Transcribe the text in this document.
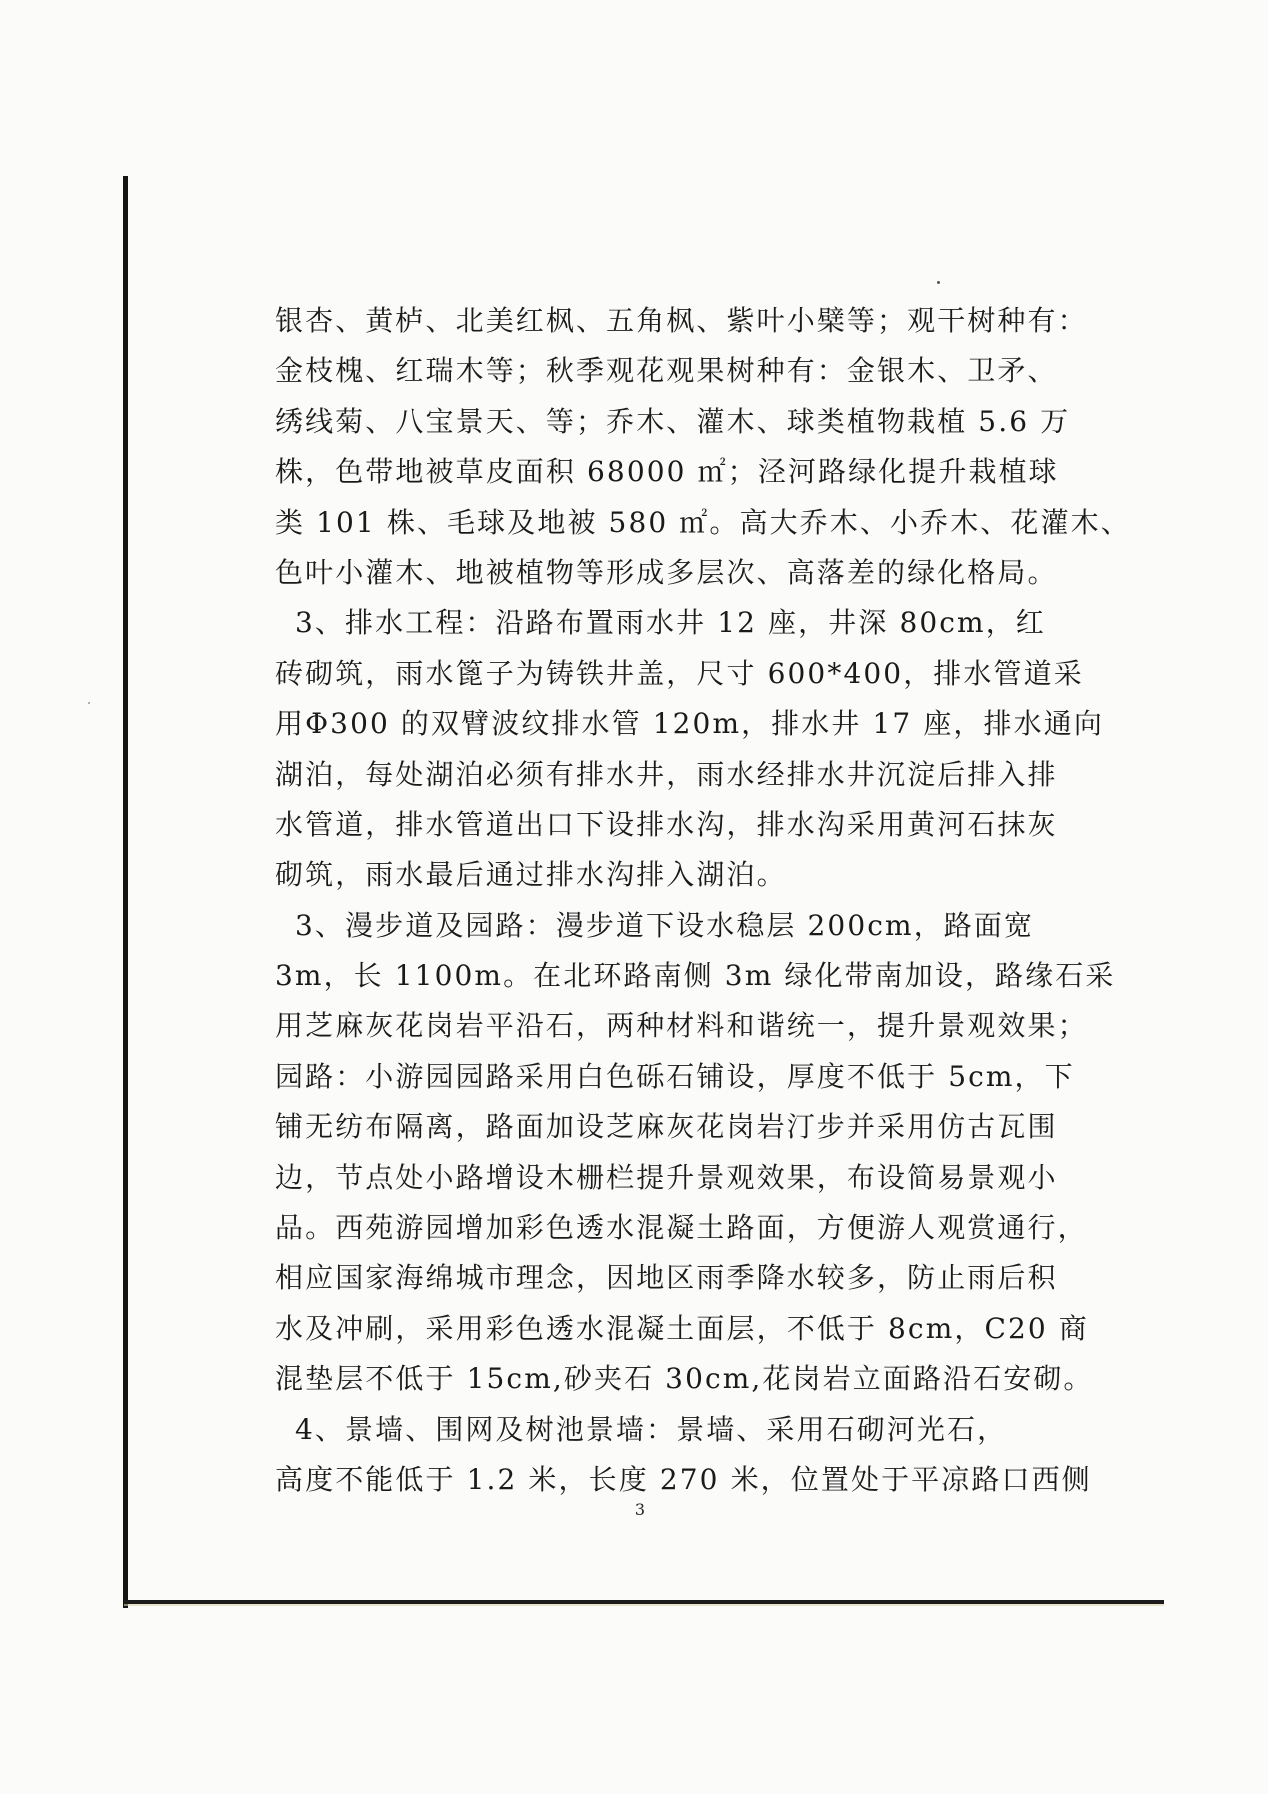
银杏、黄栌、北美红枫、五角枫、紫叶小檗等；观干树种有：
金枝槐、红瑞木等；秋季观花观果树种有：金银木、卫矛、
绣线菊、八宝景天、等；乔木、灌木、球类植物栽植 5.6 万
株，色带地被草皮面积 68000 ㎡；泾河路绿化提升栽植球
类 101 株、毛球及地被 580 ㎡。高大乔木、小乔木、花灌木、
色叶小灌木、地被植物等形成多层次、高落差的绿化格局。
3、排水工程：沿路布置雨水井 12 座，井深 80cm，红
砖砌筑，雨水篦子为铸铁井盖，尺寸 600*400，排水管道采
用Φ300 的双臂波纹排水管 120m，排水井 17 座，排水通向
湖泊，每处湖泊必须有排水井，雨水经排水井沉淀后排入排
水管道，排水管道出口下设排水沟，排水沟采用黄河石抹灰
砌筑，雨水最后通过排水沟排入湖泊。
3、漫步道及园路：漫步道下设水稳层 200cm，路面宽
3m，长 1100m。在北环路南侧 3m 绿化带南加设，路缘石采
用芝麻灰花岗岩平沿石，两种材料和谐统一，提升景观效果；
园路：小游园园路采用白色砾石铺设，厚度不低于 5cm，下
铺无纺布隔离，路面加设芝麻灰花岗岩汀步并采用仿古瓦围
边，节点处小路增设木栅栏提升景观效果，布设简易景观小
品。西苑游园增加彩色透水混凝土路面，方便游人观赏通行，
相应国家海绵城市理念，因地区雨季降水较多，防止雨后积
水及冲刷，采用彩色透水混凝土面层，不低于 8cm，C20 商
混垫层不低于 15cm,砂夹石 30cm,花岗岩立面路沿石安砌。
4、景墙、围网及树池景墙：景墙、采用石砌河光石，
高度不能低于 1.2 米，长度 270 米，位置处于平凉路口西侧
3
